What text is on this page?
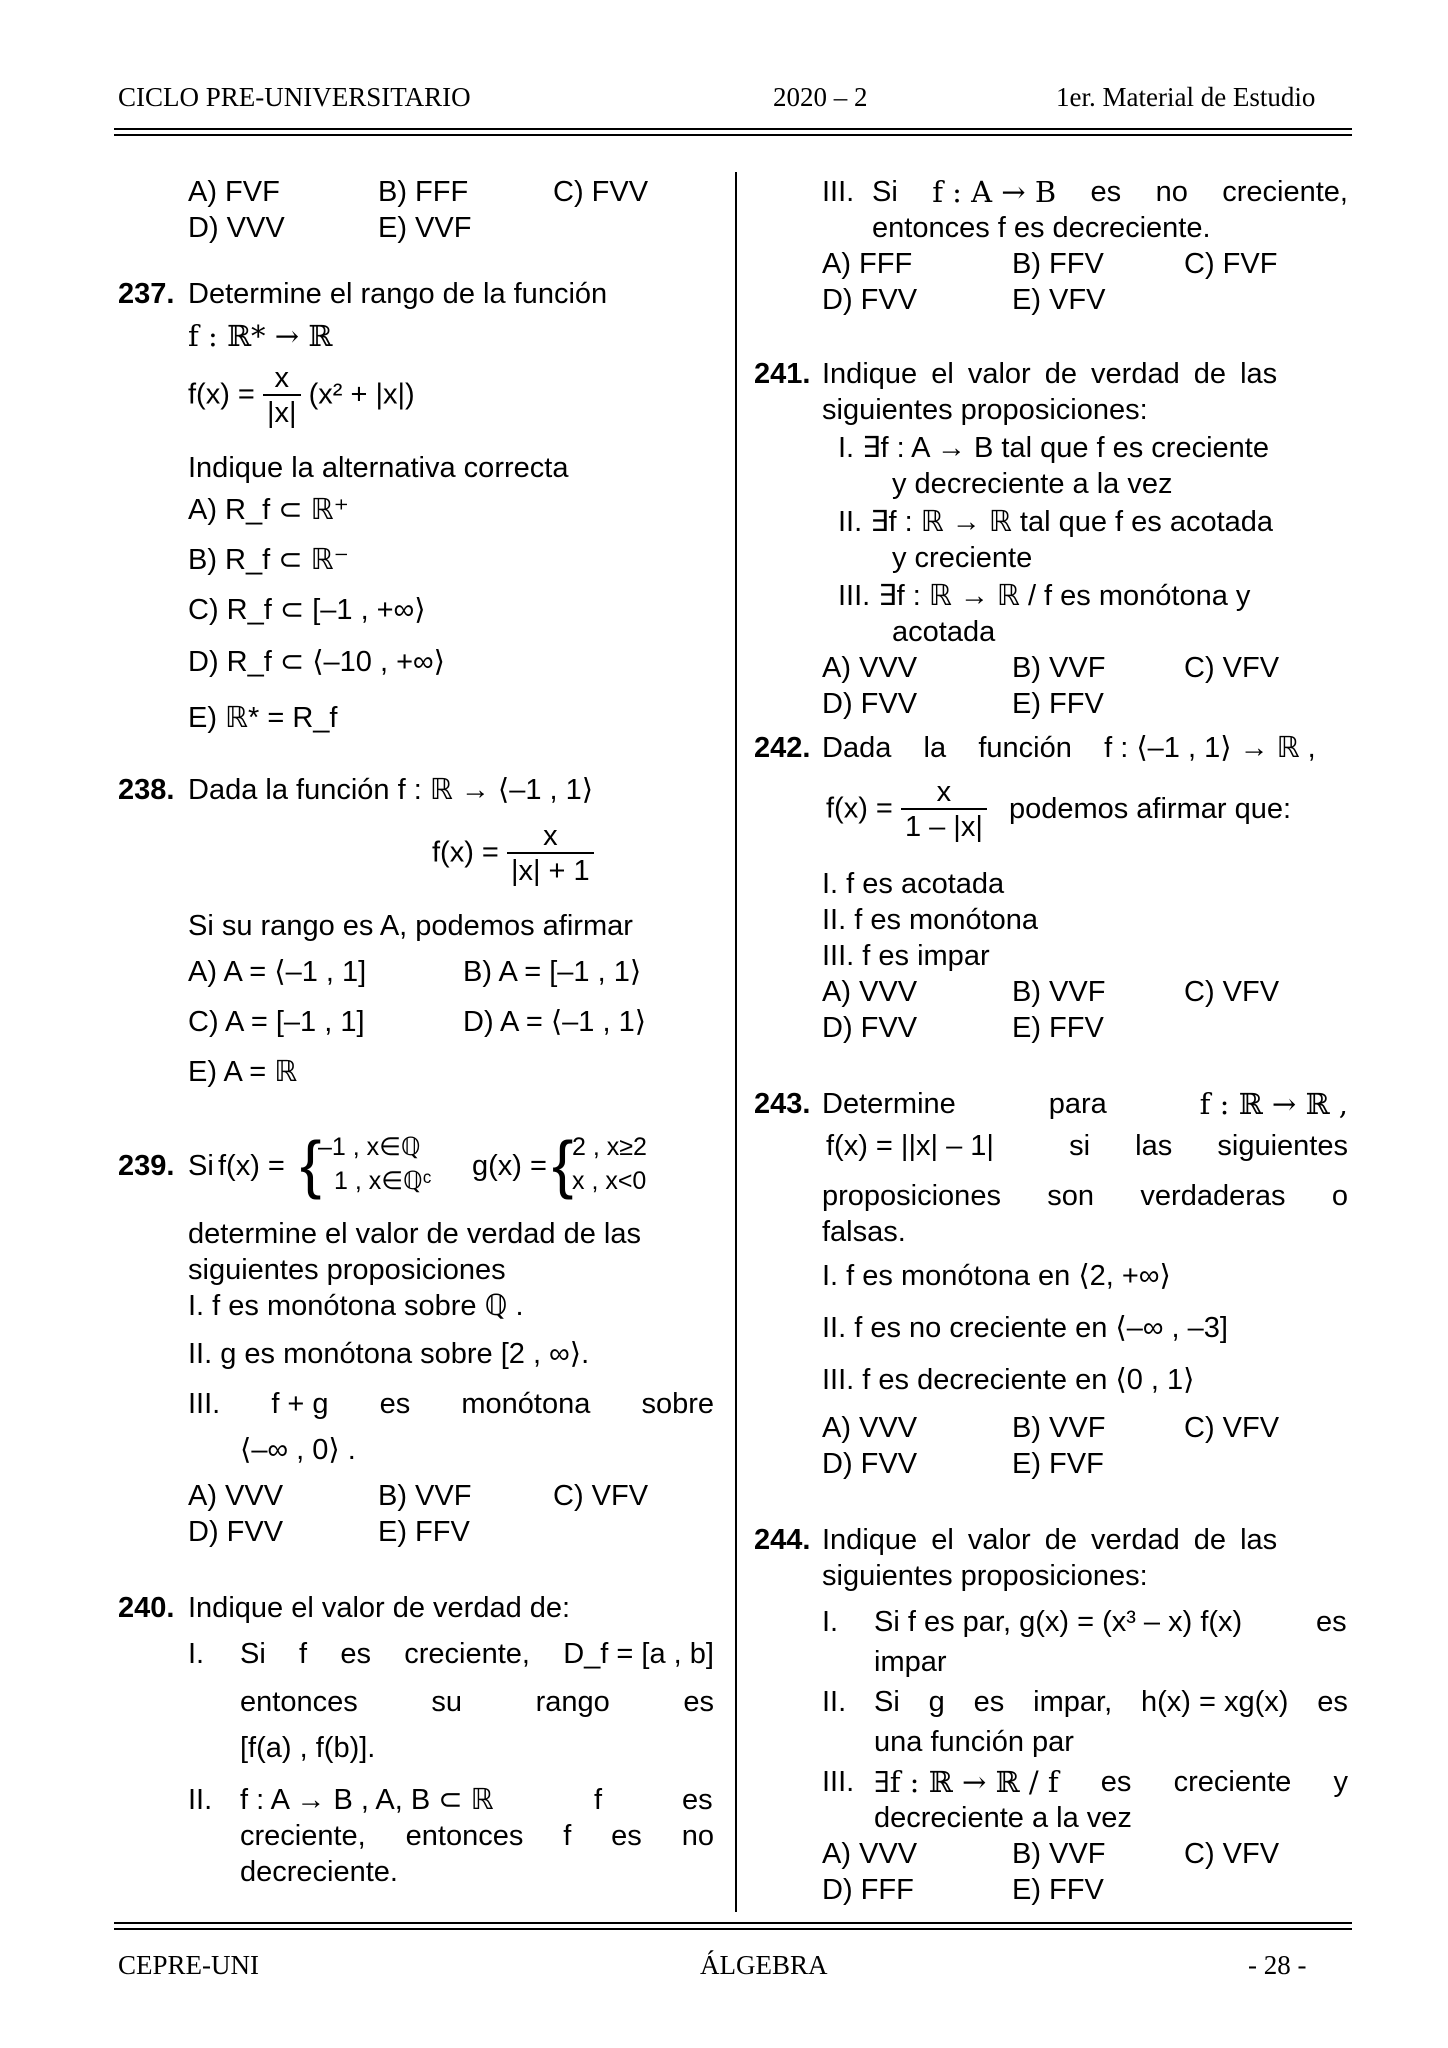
CICLO PRE-UNIVERSITARIO	2020 – 2	1er. Material de Estudio
A) FVF	B) FFF	C) FVV
D) VVV	E) VVF
237. Determine el rango de la función
f : ℝ* → ℝ
$f(x) = \frac{x}{|x|} (x^2 + |x|)$
Indique la alternativa correcta
A) R_f ⊂ ℝ⁺
B) R_f ⊂ ℝ⁻
C) R_f ⊂ [–1 , +∞⟩
D) R_f ⊂ ⟨–10 , +∞⟩
E) ℝ* = R_f
238. Dada la función f : ℝ → ⟨–1 , 1⟩
$f(x) = \frac{x}{|x| + 1}$
Si su rango es A, podemos afirmar
A) A = ⟨–1 , 1]	B) A = [–1 , 1⟩
C) A = [–1 , 1]	D) A = ⟨–1 , 1⟩
E) A = ℝ
239. Si f(x) = {
–1 , x∈ℚ
1 , x∈ℚᶜ g(x) = {
2 , x≥2
x , x<0
determine el valor de verdad de las
siguientes proposiciones
I. f es monótona sobre ℚ .
II. g es monótona sobre [2 , ∞⟩.
III. f + g es monótona sobre
⟨–∞ , 0⟩ .
A) VVV	B) VVF	C) VFV
D) FVV	E) FFV
240. Indique el valor de verdad de:
I. Si f es creciente, D_f = [a , b]
entonces	su	rango	es
[f(a) , f(b)].
II. f : A → B , A, B ⊂ ℝ	f	es
creciente, entonces f es no
decreciente.
III. Si f : A → B es no creciente,
entonces f es decreciente.
A) FFF	B) FFV	C) FVF
D) FVV	E) VFV
241. Indique el valor de verdad de las
siguientes proposiciones:
I. ∃f : A → B tal que f es creciente
y decreciente a la vez
II. ∃f : ℝ → ℝ tal que f es acotada
y creciente
III. ∃f : ℝ → ℝ / f es monótona y
acotada
A) VVV	B) VVF	C) VFV
D) FVV	E) FFV
242. Dada    la    función    f : ⟨–1 , 1⟩ → ℝ ,
$f(x) = \frac{x}{1 - |x|}$ podemos afirmar que:
I. f es acotada
II. f es monótona
III. f es impar
A) VVV	B) VVF	C) VFV
D) FVV	E) FFV
243. Determine	para	f : ℝ → ℝ ,
f(x) = ||x| – 1|	si las siguientes
proposiciones son verdaderas o
falsas.
I. f es monótona en ⟨2, +∞⟩
II. f es no creciente en ⟨–∞ , –3]
III. f es decreciente en ⟨0 , 1⟩
A) VVV	B) VVF	C) VFV
D) FVV	E) FVF
244. Indique el valor de verdad de las
siguientes proposiciones:
I. Si f es par, g(x) = (x³ – x) f(x)	es
impar
II. Si g es impar, h(x) = xg(x) es
una función par
III. ∃f : ℝ → ℝ / f es creciente y
decreciente a la vez
A) VVV	B) VVF	C) VFV
D) FFF	E) FFV
CEPRE-UNI	ÁLGEBRA	- 28 -
